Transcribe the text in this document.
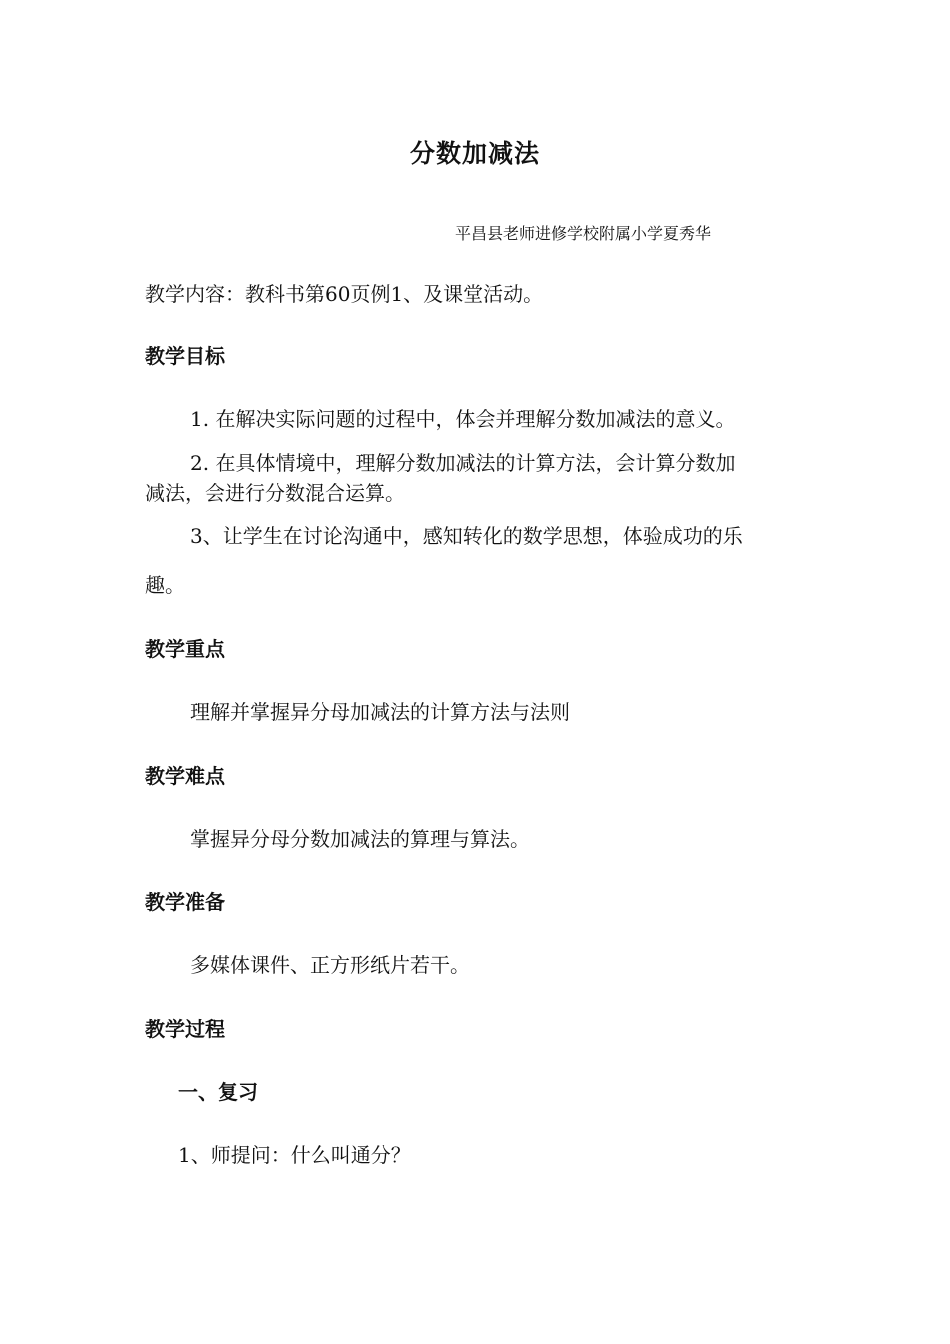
分数加减法
平昌县老师进修学校附属小学夏秀华
教学内容：教科书第60页例1、及课堂活动。
教学目标
1. 在解决实际问题的过程中，体会并理解分数加减法的意义。
2. 在具体情境中，理解分数加减法的计算方法，会计算分数加
减法，会进行分数混合运算。
3、让学生在讨论沟通中，感知转化的数学思想，体验成功的乐
趣。
教学重点
理解并掌握异分母加减法的计算方法与法则
教学难点
掌握异分母分数加减法的算理与算法。
教学准备
多媒体课件、正方形纸片若干。
教学过程
一、复习
1、师提问：什么叫通分？
